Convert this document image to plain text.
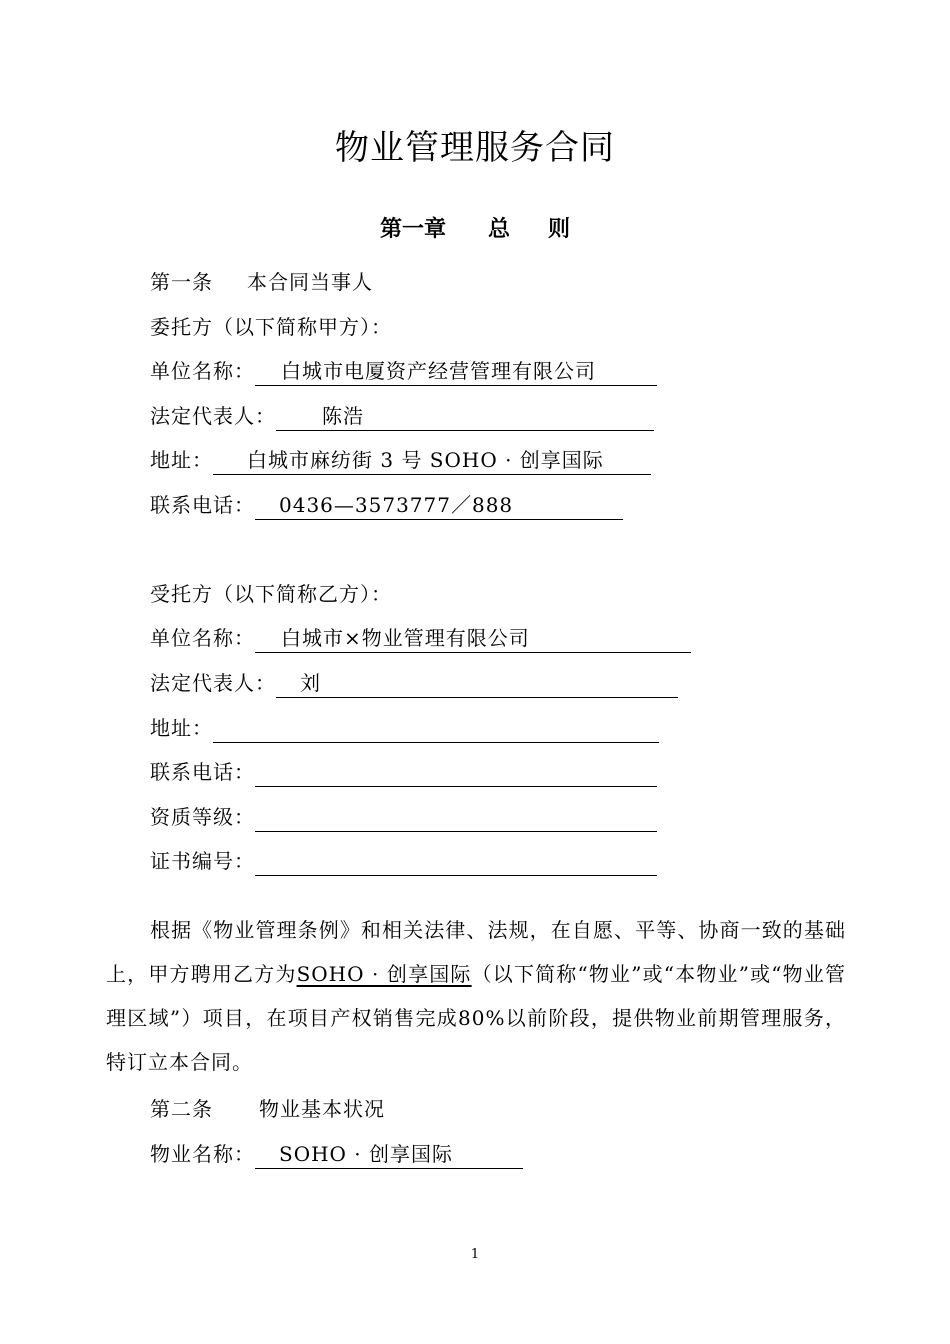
物业管理服务合同
第一章 总 则
第一条 本合同当事人
委托方（以下简称甲方）：
单位名称： 白城市电厦资产经营管理有限公司
法定代表人： 陈浩
地址： 白城市麻纺街 3 号 SOHO · 创享国际
联系电话： 0436—3573777／888
受托方（以下简称乙方）：
单位名称： 白城市×物业管理有限公司
法定代表人： 刘
地址：
联系电话：
资质等级：
证书编号：
根据《物业管理条例》和相关法律、法规，在自愿、平等、协商一致的基础上，甲方聘用乙方为SOHO · 创享国际（以下简称“物业”或“本物业”或“物业管理区域”）项目，在项目产权销售完成80%以前阶段，提供物业前期管理服务，特订立本合同。
第二条 物业基本状况
物业名称： SOHO · 创享国际
1
